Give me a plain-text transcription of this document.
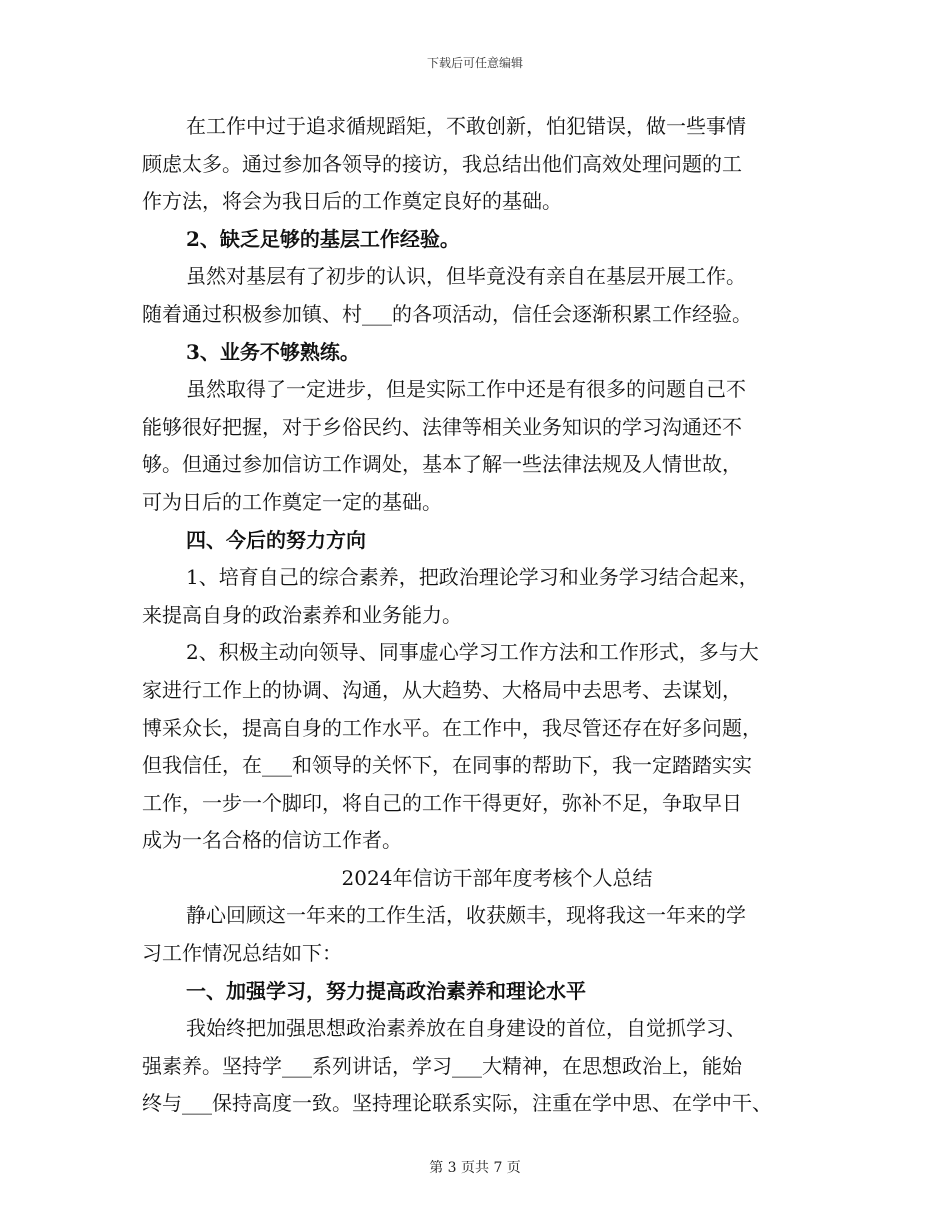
下载后可任意编辑
在工作中过于追求循规蹈矩，不敢创新，怕犯错误，做一些事情
顾虑太多。通过参加各领导的接访，我总结出他们高效处理问题的工
作方法，将会为我日后的工作奠定良好的基础。
2、缺乏足够的基层工作经验。
虽然对基层有了初步的认识，但毕竟没有亲自在基层开展工作。
随着通过积极参加镇、村___的各项活动，信任会逐渐积累工作经验。
3、业务不够熟练。
虽然取得了一定进步，但是实际工作中还是有很多的问题自己不
能够很好把握，对于乡俗民约、法律等相关业务知识的学习沟通还不
够。但通过参加信访工作调处，基本了解一些法律法规及人情世故，
可为日后的工作奠定一定的基础。
四、今后的努力方向
1、培育自己的综合素养，把政治理论学习和业务学习结合起来，
来提高自身的政治素养和业务能力。
2、积极主动向领导、同事虚心学习工作方法和工作形式，多与大
家进行工作上的协调、沟通，从大趋势、大格局中去思考、去谋划，
博采众长，提高自身的工作水平。在工作中，我尽管还存在好多问题，
但我信任，在___和领导的关怀下，在同事的帮助下，我一定踏踏实实
工作，一步一个脚印，将自己的工作干得更好，弥补不足，争取早日
成为一名合格的信访工作者。
2024年信访干部年度考核个人总结
静心回顾这一年来的工作生活，收获颇丰，现将我这一年来的学
习工作情况总结如下：
一、加强学习，努力提高政治素养和理论水平
我始终把加强思想政治素养放在自身建设的首位，自觉抓学习、
强素养。坚持学___系列讲话，学习___大精神，在思想政治上，能始
终与___保持高度一致。坚持理论联系实际，注重在学中思、在学中干、
第 3 页共 7 页
